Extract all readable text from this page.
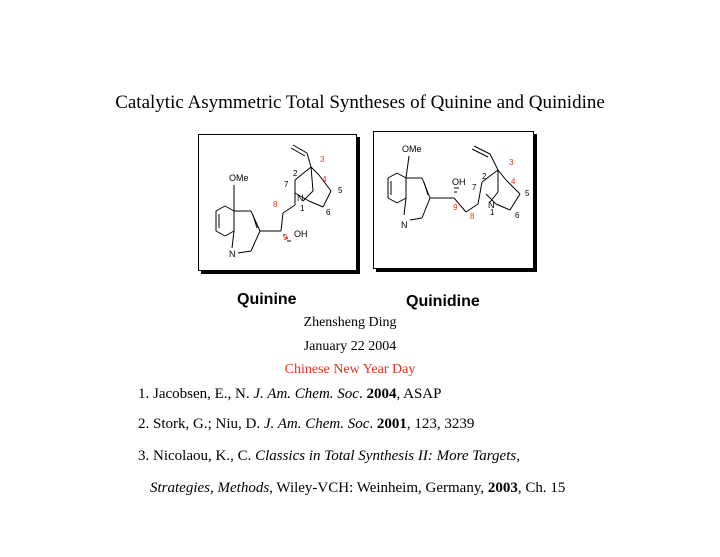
Catalytic Asymmetric Total Syntheses of Quinine and Quinidine
OMe
OH
N
N
1
2
3
4
5
6
7
8
9
OMe
OH
N
N
1
2
3
4
5
6
7
8
9
Quinine	Quinidine
Zhensheng Ding
January 22 2004
Chinese New Year Day
1. Jacobsen, E., N. J. Am. Chem. Soc. 2004, ASAP
2. Stork, G.; Niu, D. J. Am. Chem. Soc. 2001, 123, 3239
3. Nicolaou, K., C. Classics in Total Synthesis II: More Targets,
Strategies, Methods, Wiley-VCH: Weinheim, Germany, 2003, Ch. 15
